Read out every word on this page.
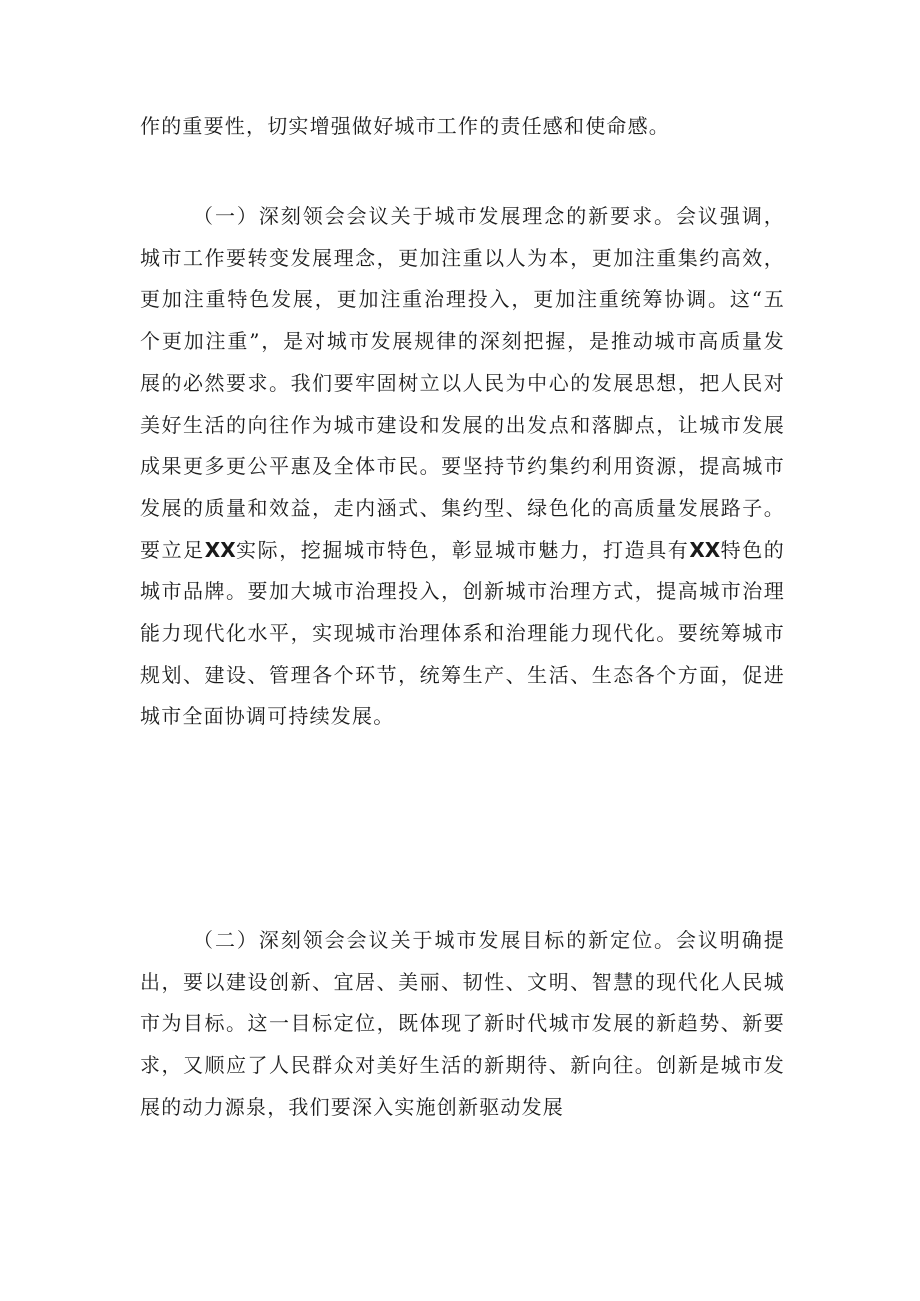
作的重要性，切实增强做好城市工作的责任感和使命感。

（一）深刻领会会议关于城市发展理念的新要求。会议强调，城市工作要转变发展理念，更加注重以人为本，更加注重集约高效，更加注重特色发展，更加注重治理投入，更加注重统筹协调。这“五个更加注重”，是对城市发展规律的深刻把握，是推动城市高质量发展的必然要求。我们要牢固树立以人民为中心的发展思想，把人民对美好生活的向往作为城市建设和发展的出发点和落脚点，让城市发展成果更多更公平惠及全体市民。要坚持节约集约利用资源，提高城市发展的质量和效益，走内涵式、集约型、绿色化的高质量发展路子。要立足XX实际，挖掘城市特色，彰显城市魅力，打造具有XX特色的城市品牌。要加大城市治理投入，创新城市治理方式，提高城市治理能力现代化水平，实现城市治理体系和治理能力现代化。要统筹城市规划、建设、管理各个环节，统筹生产、生活、生态各个方面，促进城市全面协调可持续发展。

（二）深刻领会会议关于城市发展目标的新定位。会议明确提出，要以建设创新、宜居、美丽、韧性、文明、智慧的现代化人民城市为目标。这一目标定位，既体现了新时代城市发展的新趋势、新要求，又顺应了人民群众对美好生活的新期待、新向往。创新是城市发展的动力源泉，我们要深入实施创新驱动发展
